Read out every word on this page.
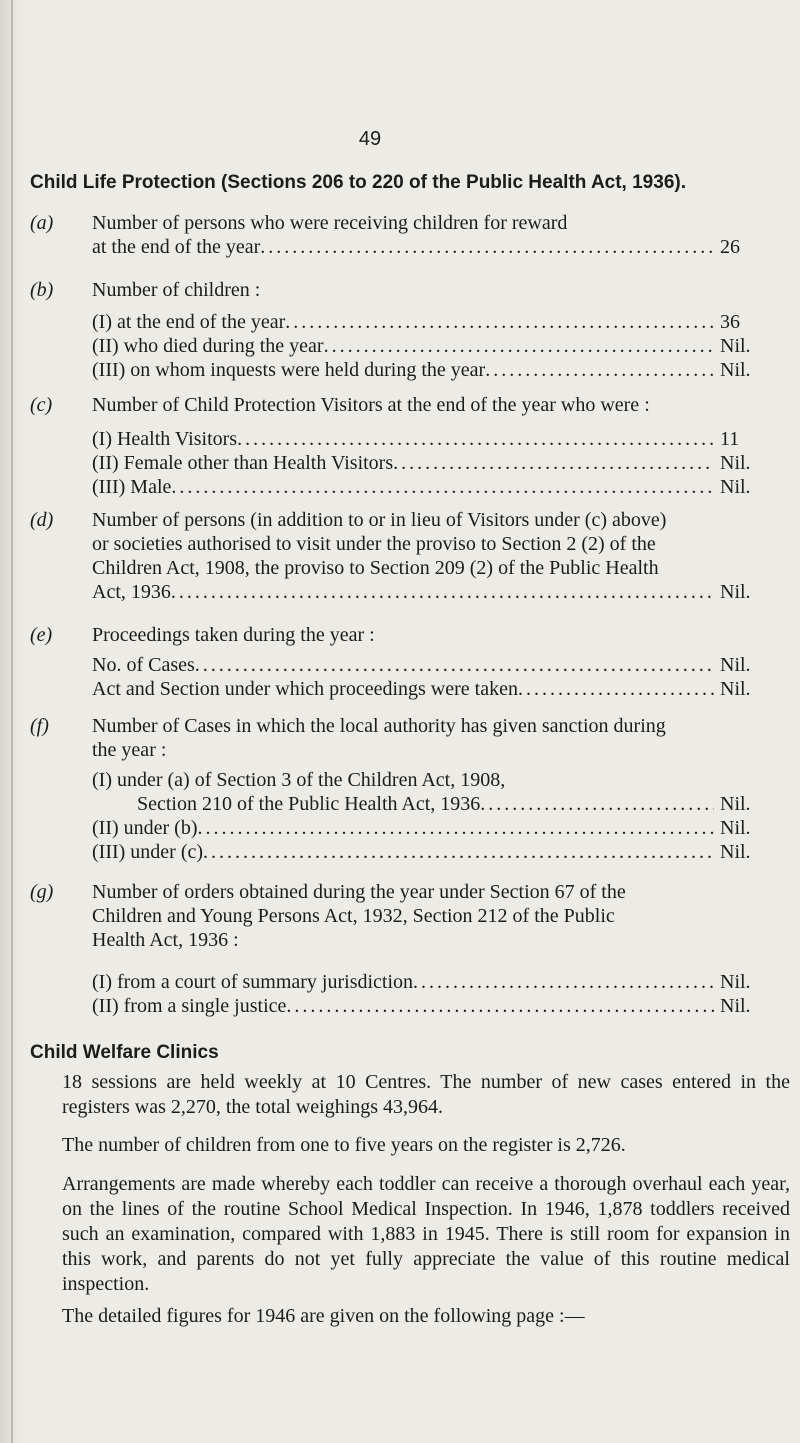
49
Child Life Protection (Sections 206 to 220 of the Public Health Act, 1936).
(a) Number of persons who were receiving children for reward
at the end of the year . . .	26
(b) Number of children :
(I) at the end of the year . . .	36
(II) who died during the year . . .	Nil.
(III) on whom inquests were held during the year . . .	Nil.
(c) Number of Child Protection Visitors at the end of the year who were :
(I) Health Visitors . . .	11
(II) Female other than Health Visitors . . .	Nil.
(III) Male . . .	Nil.
(d) Number of persons (in addition to or in lieu of Visitors under (c) above)
or societies authorised to visit under the proviso to Section 2 (2) of the
Children Act, 1908, the proviso to Section 209 (2) of the Public Health
Act, 1936 . . .	Nil.
(e) Proceedings taken during the year :
No. of Cases . . .	Nil.
Act and Section under which proceedings were taken . . .	Nil.
(f) Number of Cases in which the local authority has given sanction during
the year :
(I) under (a) of Section 3 of the Children Act, 1908,
Section 210 of the Public Health Act, 1936 . . .	Nil.
(II) under (b) . . .	Nil.
(III) under (c) . . .	Nil.
(g) Number of orders obtained during the year under Section 67 of the
Children and Young Persons Act, 1932, Section 212 of the Public
Health Act, 1936 :
(I) from a court of summary jurisdiction . . .	Nil.
(II) from a single justice . . .	Nil.
Child Welfare Clinics
18 sessions are held weekly at 10 Centres. The number of new cases entered in the registers was 2,270, the total weighings 43,964.
The number of children from one to five years on the register is 2,726.
Arrangements are made whereby each toddler can receive a thorough overhaul each year, on the lines of the routine School Medical Inspection. In 1946, 1,878 toddlers received such an examination, compared with 1,883 in 1945. There is still room for expansion in this work, and parents do not yet fully appreciate the value of this routine medical inspection.
The detailed figures for 1946 are given on the following page :—
